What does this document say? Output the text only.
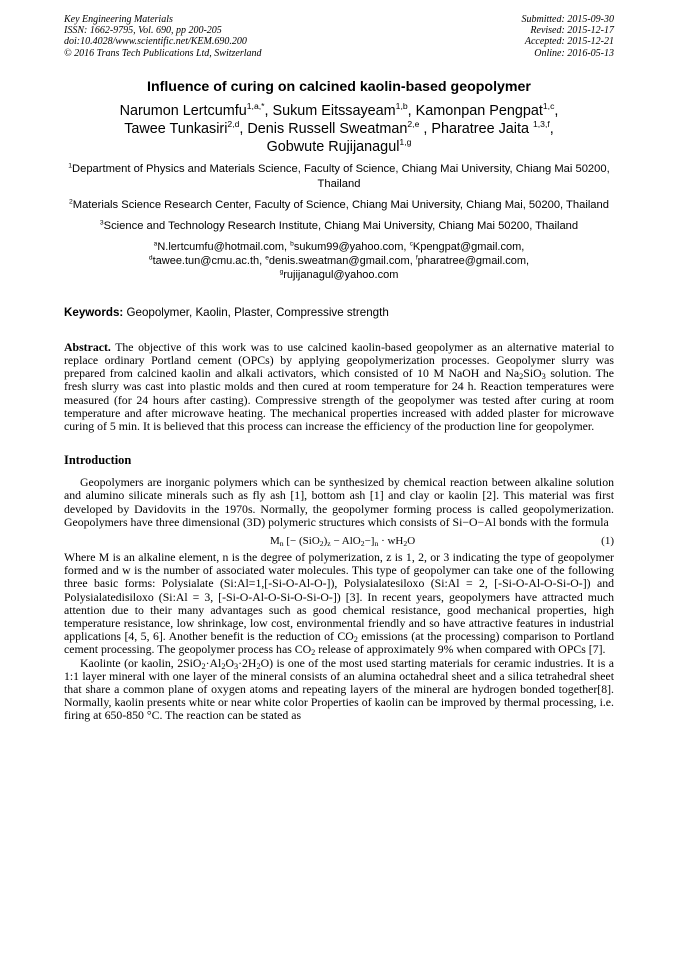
Key Engineering Materials
ISSN: 1662-9795, Vol. 690, pp 200-205
doi:10.4028/www.scientific.net/KEM.690.200
© 2016 Trans Tech Publications Ltd, Switzerland
Submitted: 2015-09-30
Revised: 2015-12-17
Accepted: 2015-12-21
Online: 2016-05-13
Influence of curing on calcined kaolin-based geopolymer
Narumon Lertcumfu$^{1,a,*}$, Sukum Eitssayeam$^{1,b}$, Kamonpan Pengpat$^{1,c}$,
Tawee Tunkasiri$^{2,d}$, Denis Russell Sweatman$^{2,e}$ , Pharatree Jaita $^{1,3,f}$,
Gobwute Rujijanagul$^{1,g}$
$^1$Department of Physics and Materials Science, Faculty of Science, Chiang Mai University, Chiang Mai 50200, Thailand
$^2$Materials Science Research Center, Faculty of Science, Chiang Mai University, Chiang Mai, 50200, Thailand
$^3$Science and Technology Research Institute, Chiang Mai University, Chiang Mai 50200, Thailand
$^a$N.lertcumfu@hotmail.com, $^b$sukum99@yahoo.com, $^c$Kpengpat@gmail.com,
$^d$tawee.tun@cmu.ac.th, $^e$denis.sweatman@gmail.com, $^f$pharatree@gmail.com,
$^g$rujijanagul@yahoo.com
Keywords: Geopolymer, Kaolin, Plaster, Compressive strength
Abstract. The objective of this work was to use calcined kaolin-based geopolymer as an alternative material to replace ordinary Portland cement (OPCs) by applying geopolymerization processes. Geopolymer slurry was prepared from calcined kaolin and alkali activators, which consisted of 10 M NaOH and Na2SiO3 solution. The fresh slurry was cast into plastic molds and then cured at room temperature for 24 h. Reaction temperatures were measured (for 24 hours after casting). Compressive strength of the geopolymer was tested after curing at room temperature and after microwave heating. The mechanical properties increased with added plaster for microwave curing of 5 min. It is believed that this process can increase the efficiency of the production line for geopolymer.
Introduction
Geopolymers are inorganic polymers which can be synthesized by chemical reaction between alkaline solution and alumino silicate minerals such as fly ash [1], bottom ash [1] and clay or kaolin [2]. This material was first developed by Davidovits in the 1970s. Normally, the geopolymer forming process is called geopolymerization. Geopolymers have three dimensional (3D) polymeric structures which consists of Si−O−Al bonds with the formula
Mn [− (SiO2)z − AlO2−]n · wH2O	(1)
Where M is an alkaline element, n is the degree of polymerization, z is 1, 2, or 3 indicating the type of geopolymer formed and w is the number of associated water molecules. This type of geopolymer can take one of the following three basic forms: Polysialate (Si:Al=1,[-Si-O-Al-O-]), Polysialatesiloxo (Si:Al = 2, [-Si-O-Al-O-Si-O-]) and Polysialatedisiloxo (Si:Al = 3, [-Si-O-Al-O-Si-O-Si-O-]) [3]. In recent years, geopolymers have attracted much attention due to their many advantages such as good chemical resistance, good mechanical properties, high temperature resistance, low shrinkage, low cost, environmental friendly and so have attractive features in industrial applications [4, 5, 6]. Another benefit is the reduction of CO2 emissions (at the processing) comparison to Portland cement processing. The geopolymer process has CO2 release of approximately 9% when compared with OPCs [7].
Kaolinte (or kaolin, 2SiO2·Al2O3·2H2O) is one of the most used starting materials for ceramic industries. It is a 1:1 layer mineral with one layer of the mineral consists of an alumina octahedral sheet and a silica tetrahedral sheet that share a common plane of oxygen atoms and repeating layers of the mineral are hydrogen bonded together[8]. Normally, kaolin presents white or near white color Properties of kaolin can be improved by thermal processing, i.e. firing at 650-850 °C. The reaction can be stated as
